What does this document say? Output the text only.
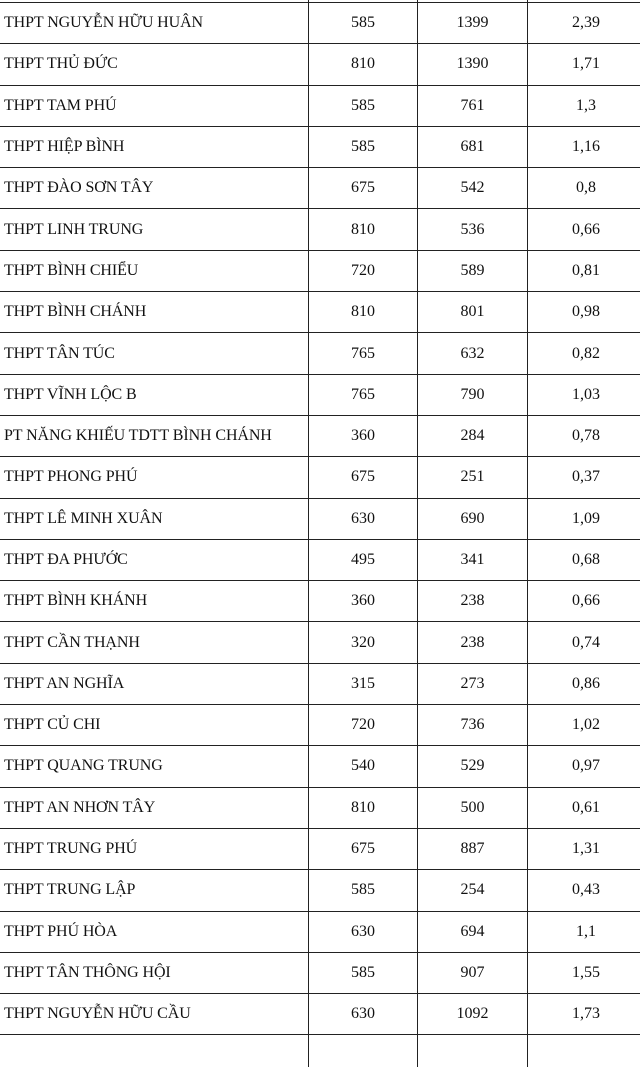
THPT NGUYỄN HỮU HUÂN	585	1399	2,39
THPT THỦ ĐỨC	810	1390	1,71
THPT TAM PHÚ	585	761	1,3
THPT HIỆP BÌNH	585	681	1,16
THPT ĐÀO SƠN TÂY	675	542	0,8
THPT LINH TRUNG	810	536	0,66
THPT BÌNH CHIỂU	720	589	0,81
THPT BÌNH CHÁNH	810	801	0,98
THPT TÂN TÚC	765	632	0,82
THPT VĨNH LỘC B	765	790	1,03
PT NĂNG KHIẾU TDTT BÌNH CHÁNH	360	284	0,78
THPT PHONG PHÚ	675	251	0,37
THPT LÊ MINH XUÂN	630	690	1,09
THPT ĐA PHƯỚC	495	341	0,68
THPT BÌNH KHÁNH	360	238	0,66
THPT CẦN THẠNH	320	238	0,74
THPT AN NGHĨA	315	273	0,86
THPT CỦ CHI	720	736	1,02
THPT QUANG TRUNG	540	529	0,97
THPT AN NHƠN TÂY	810	500	0,61
THPT TRUNG PHÚ	675	887	1,31
THPT TRUNG LẬP	585	254	0,43
THPT PHÚ HÒA	630	694	1,1
THPT TÂN THÔNG HỘI	585	907	1,55
THPT NGUYỄN HỮU CẦU	630	1092	1,73
